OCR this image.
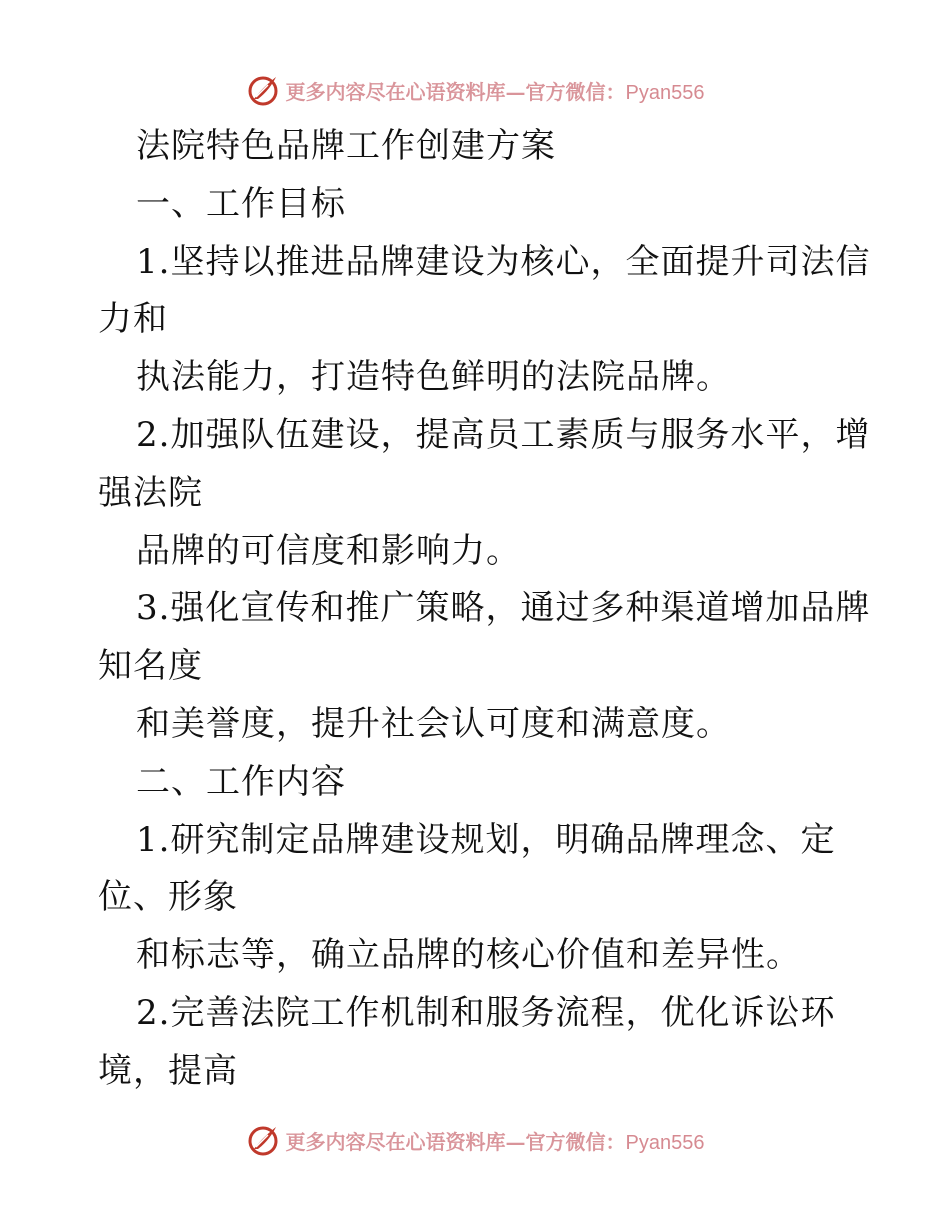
更多内容尽在心语资料库—官方微信：Pyan556
法院特色品牌工作创建方案
一、工作目标
1.坚持以推进品牌建设为核心，全面提升司法信
力和
执法能力，打造特色鲜明的法院品牌。
2.加强队伍建设，提高员工素质与服务水平，增
强法院
品牌的可信度和影响力。
3.强化宣传和推广策略，通过多种渠道增加品牌
知名度
和美誉度，提升社会认可度和满意度。
二、工作内容
1.研究制定品牌建设规划，明确品牌理念、定
位、形象
和标志等，确立品牌的核心价值和差异性。
2.完善法院工作机制和服务流程，优化诉讼环
境，提高
更多内容尽在心语资料库—官方微信：Pyan556
